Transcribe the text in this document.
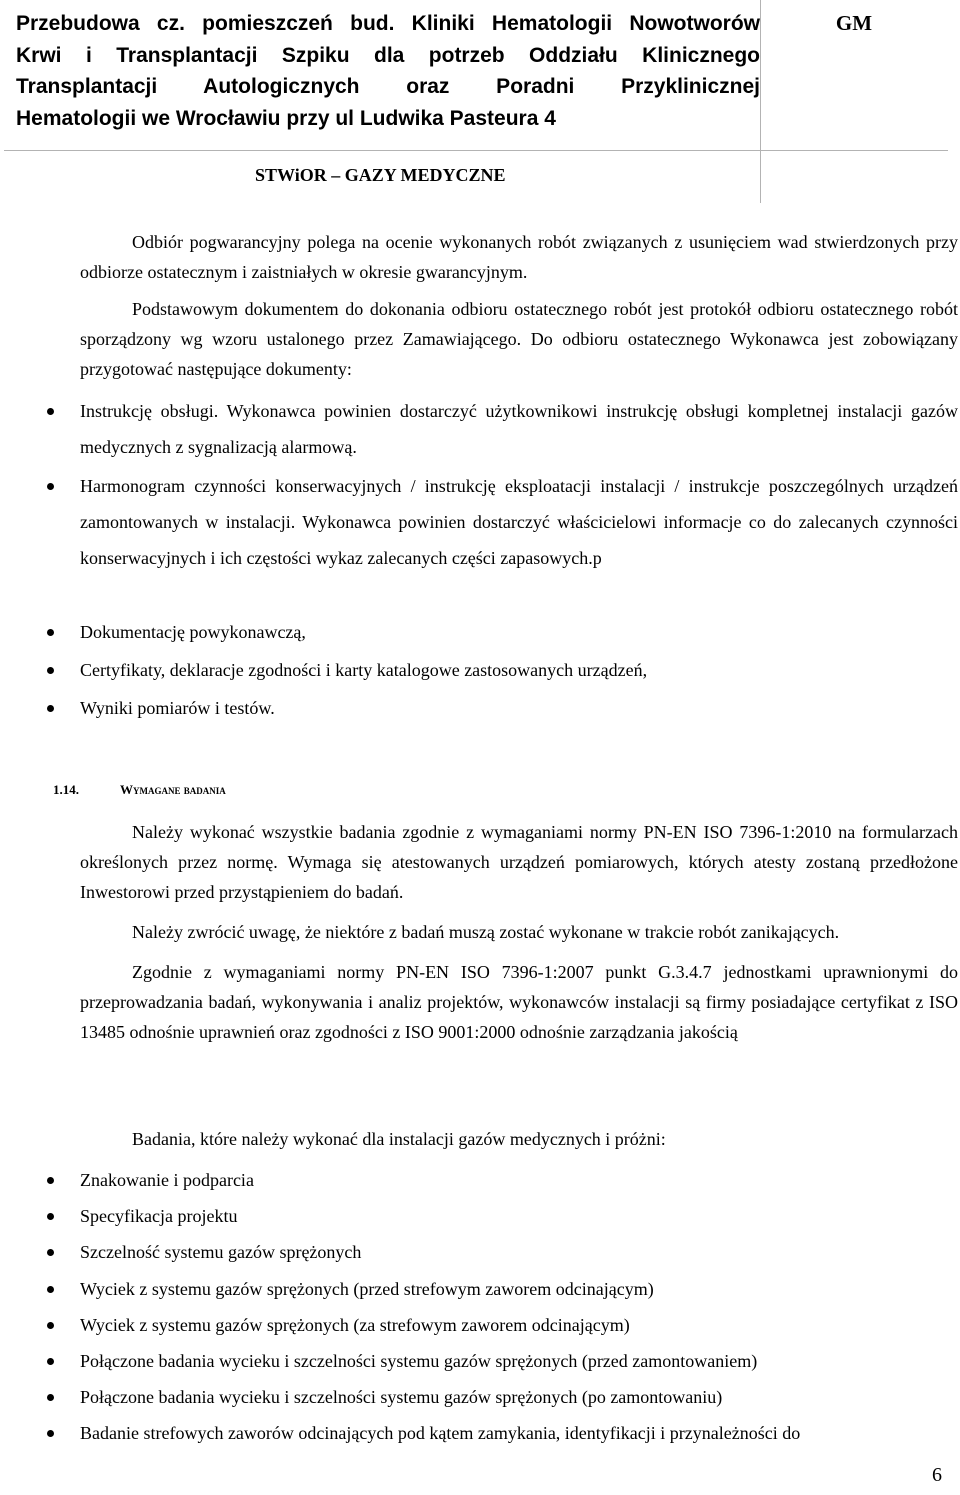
Przebudowa cz. pomieszczeń bud. Kliniki Hematologii Nowotworów
Krwi i Transplantacji Szpiku dla potrzeb Oddziału Klinicznego
Transplantacji Autologicznych oraz Poradni Przyklinicznej
Hematologii we Wrocławiu przy ul Ludwika Pasteura 4
GM
STWiOR – GAZY MEDYCZNE
Odbiór pogwarancyjny polega na ocenie wykonanych robót związanych z usunięciem wad stwierdzonych przy odbiorze ostatecznym i zaistniałych w okresie gwarancyjnym.
Podstawowym dokumentem do dokonania odbioru ostatecznego robót jest protokół odbioru ostatecznego robót sporządzony wg wzoru ustalonego przez Zamawiającego. Do odbioru ostatecznego Wykonawca jest zobowiązany przygotować następujące dokumenty:
Instrukcję obsługi. Wykonawca powinien dostarczyć użytkownikowi instrukcję obsługi kompletnej instalacji gazów medycznych z sygnalizacją alarmową.
Harmonogram czynności konserwacyjnych / instrukcję eksploatacji instalacji / instrukcje poszczególnych urządzeń zamontowanych w instalacji. Wykonawca powinien dostarczyć właścicielowi informacje co do zalecanych czynności konserwacyjnych i ich częstości wykaz zalecanych części zapasowych.p
Dokumentację powykonawczą,
Certyfikaty, deklaracje zgodności i karty katalogowe zastosowanych urządzeń,
Wyniki pomiarów i testów.
Należy wykonać wszystkie badania zgodnie z wymaganiami normy PN-EN ISO 7396-1:2010 na formularzach określonych przez normę. Wymaga się atestowanych urządzeń pomiarowych, których atesty zostaną przedłożone Inwestorowi przed przystąpieniem do badań.
Należy zwrócić uwagę, że niektóre z badań muszą zostać wykonane w trakcie robót zanikających.
Zgodnie z wymaganiami normy PN-EN ISO 7396-1:2007 punkt G.3.4.7 jednostkami uprawnionymi do przeprowadzania badań, wykonywania i analiz projektów, wykonawców instalacji są firmy posiadające certyfikat z ISO 13485 odnośnie uprawnień oraz zgodności z ISO 9001:2000 odnośnie zarządzania jakością
Badania, które należy wykonać dla instalacji gazów medycznych i próżni:
Znakowanie i podparcia
Specyfikacja projektu
Szczelność systemu gazów sprężonych
Wyciek z systemu gazów sprężonych (przed strefowym zaworem odcinającym)
Wyciek z systemu gazów sprężonych (za strefowym zaworem odcinającym)
Połączone badania wycieku i szczelności systemu gazów sprężonych (przed zamontowaniem)
Połączone badania wycieku i szczelności systemu gazów sprężonych (po zamontowaniu)
Badanie strefowych zaworów odcinających pod kątem zamykania, identyfikacji i przynależności do
1.14.	Wymagane badania
6
